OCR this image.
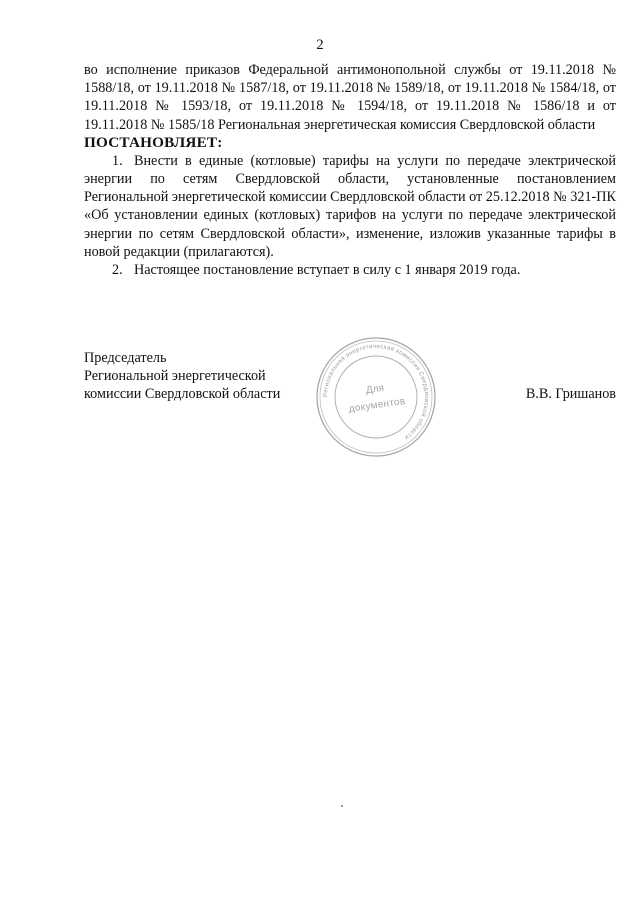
2

во исполнение приказов Федеральной антимонопольной службы от 19.11.2018 № 1588/18, от 19.11.2018 № 1587/18, от 19.11.2018 № 1589/18, от 19.11.2018 № 1584/18, от 19.11.2018 № 1593/18, от 19.11.2018 № 1594/18, от 19.11.2018 № 1586/18 и от 19.11.2018 № 1585/18 Региональная энергетическая комиссия Свердловской области

ПОСТАНОВЛЯЕТ:

1. Внести в единые (котловые) тарифы на услуги по передаче электрической энергии по сетям Свердловской области, установленные постановлением Региональной энергетической комиссии Свердловской области от 25.12.2018 № 321-ПК «Об установлении единых (котловых) тарифов на услуги по передаче электрической энергии по сетям Свердловской области», изменение, изложив указанные тарифы в новой редакции (прилагаются).

2. Настоящее постановление вступает в силу с 1 января 2019 года.

Председатель
Региональной энергетической
комиссии Свердловской области	В.В. Гришанов
Региональная энергетическая комиссия Свердловской области
Для
документов
